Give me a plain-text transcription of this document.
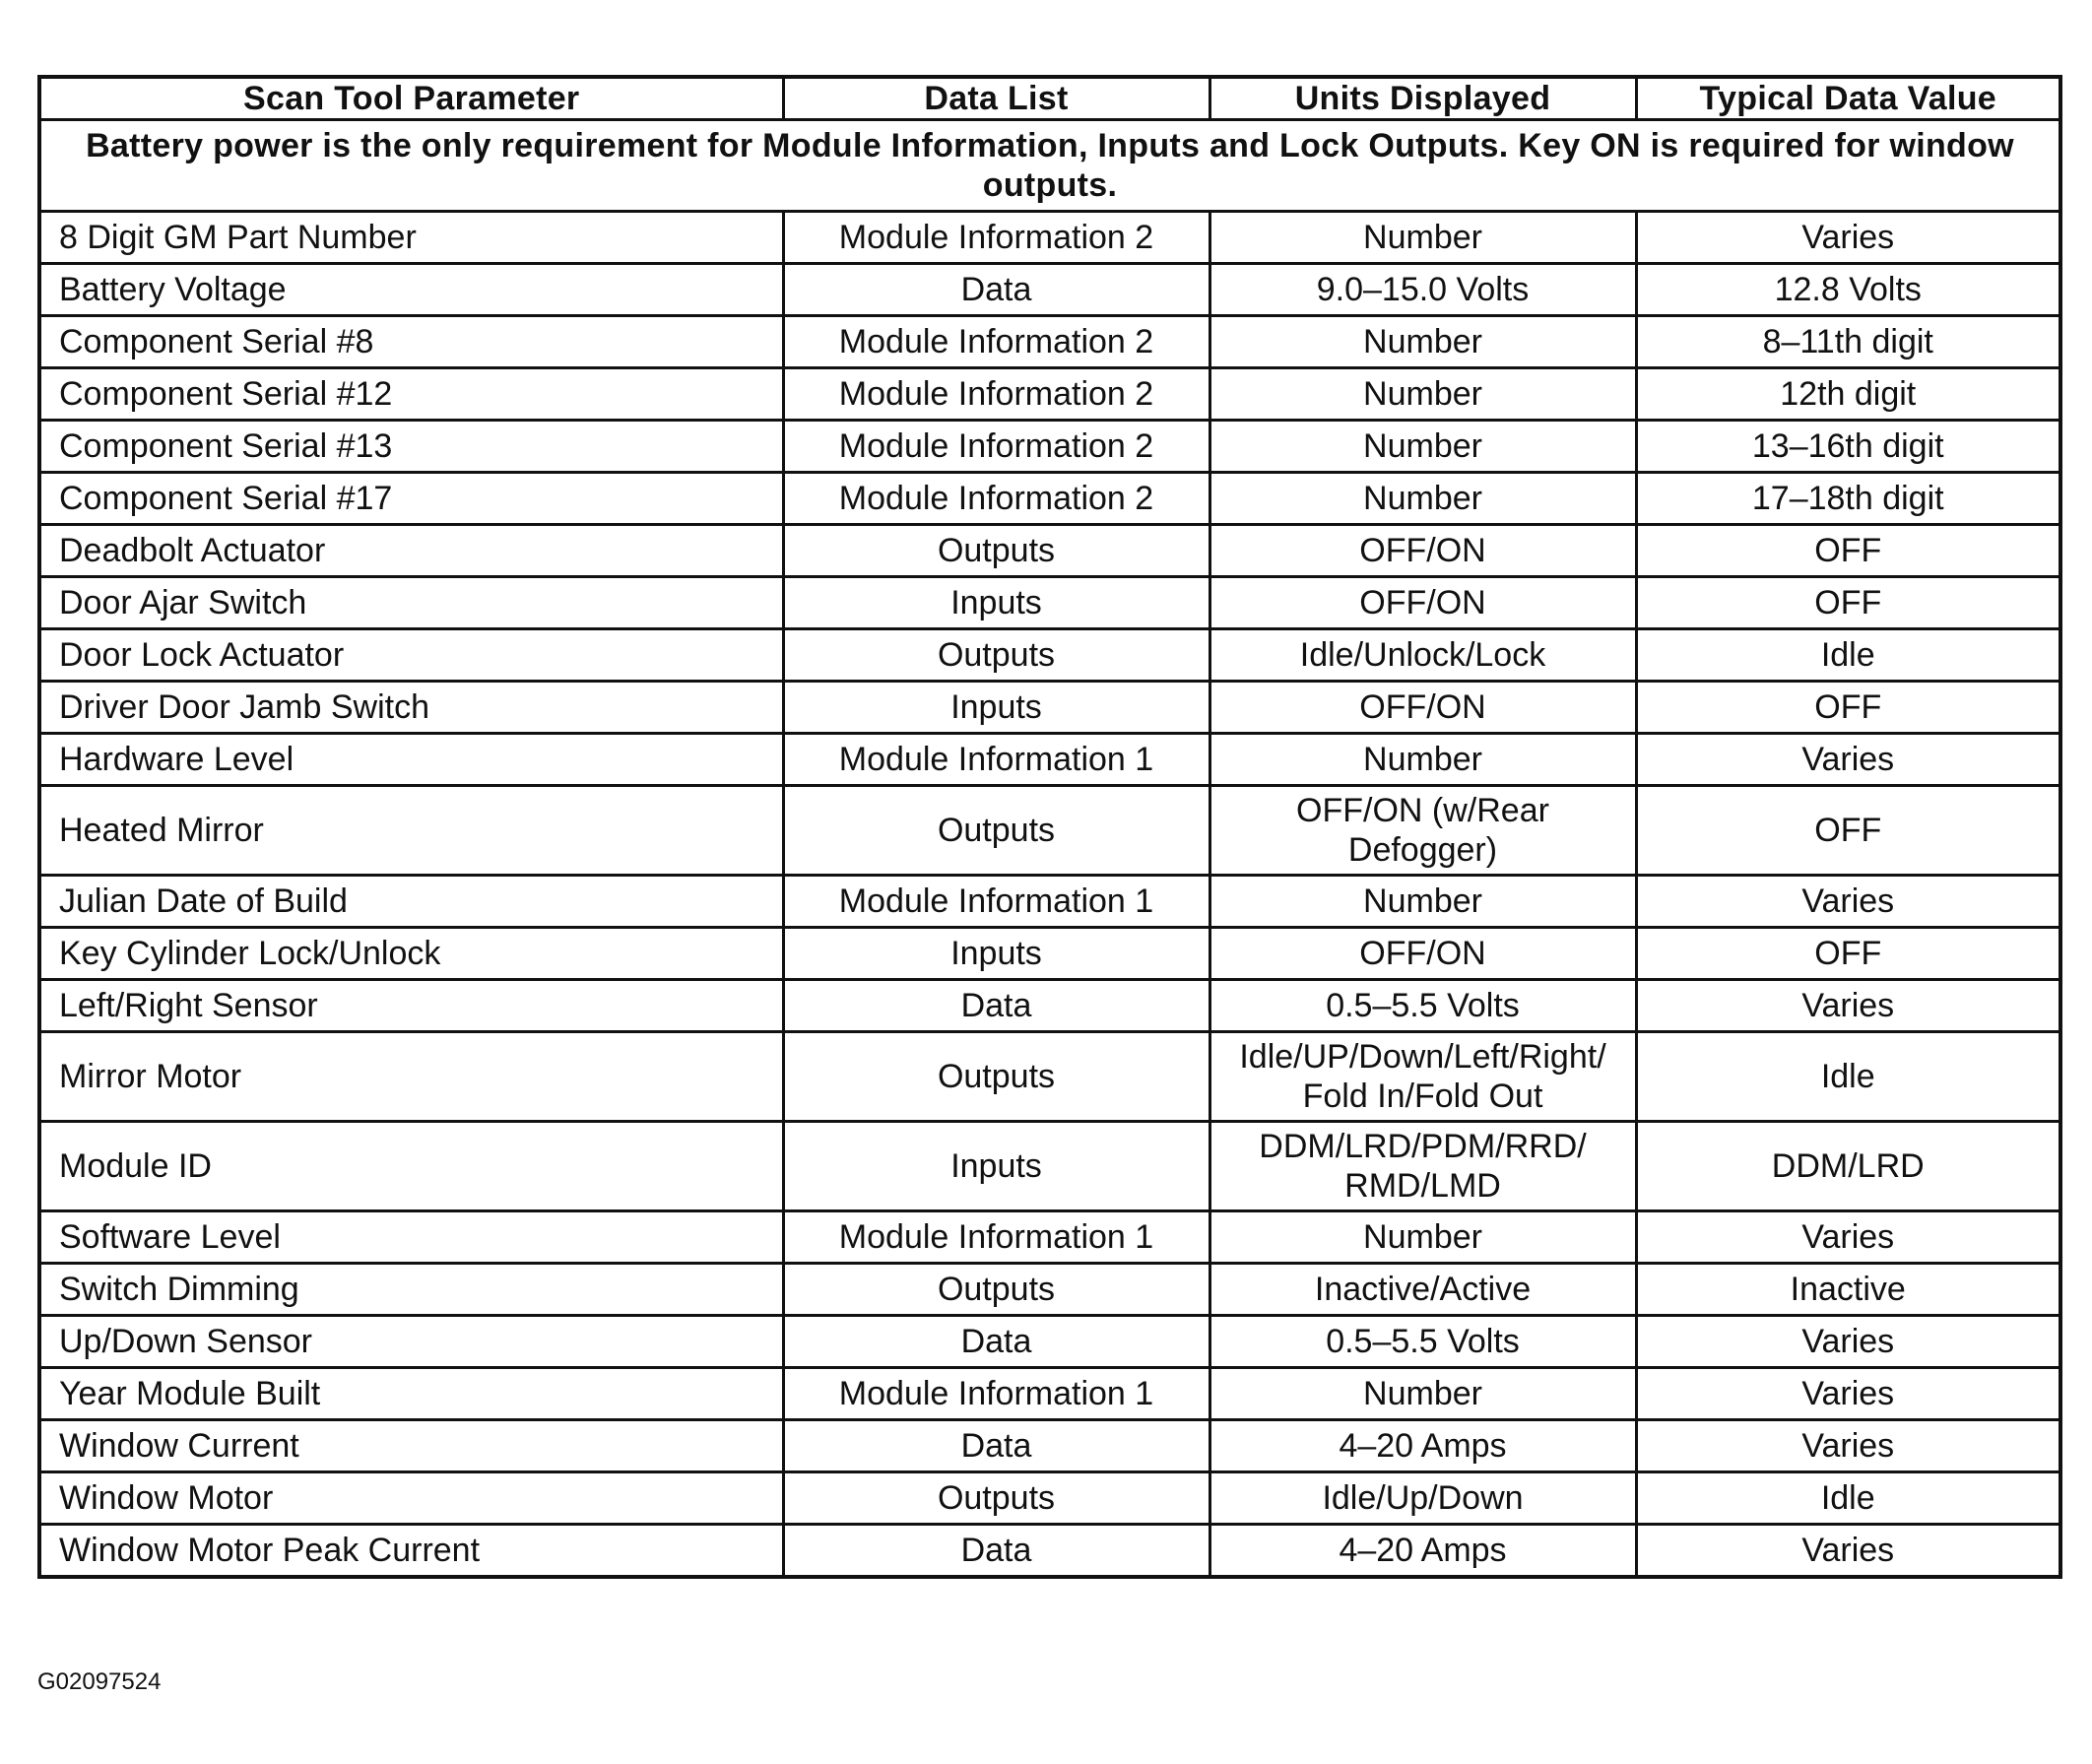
Scan Tool Parameter	Data List	Units Displayed	Typical Data Value
Battery power is the only requirement for Module Information, Inputs and Lock Outputs. Key ON is required for window outputs.			
8 Digit GM Part Number	Module Information 2	Number	Varies
Battery Voltage	Data	9.0–15.0 Volts	12.8 Volts
Component Serial #8	Module Information 2	Number	8–11th digit
Component Serial #12	Module Information 2	Number	12th digit
Component Serial #13	Module Information 2	Number	13–16th digit
Component Serial #17	Module Information 2	Number	17–18th digit
Deadbolt Actuator	Outputs	OFF/ON	OFF
Door Ajar Switch	Inputs	OFF/ON	OFF
Door Lock Actuator	Outputs	Idle/Unlock/Lock	Idle
Driver Door Jamb Switch	Inputs	OFF/ON	OFF
Hardware Level	Module Information 1	Number	Varies
Heated Mirror	Outputs	OFF/ON (w/Rear Defogger)	OFF
Julian Date of Build	Module Information 1	Number	Varies
Key Cylinder Lock/Unlock	Inputs	OFF/ON	OFF
Left/Right Sensor	Data	0.5–5.5 Volts	Varies
Mirror Motor	Outputs	Idle/UP/Down/Left/Right/ Fold In/Fold Out	Idle
Module ID	Inputs	DDM/LRD/PDM/RRD/ RMD/LMD	DDM/LRD
Software Level	Module Information 1	Number	Varies
Switch Dimming	Outputs	Inactive/Active	Inactive
Up/Down Sensor	Data	0.5–5.5 Volts	Varies
Year Module Built	Module Information 1	Number	Varies
Window Current	Data	4–20 Amps	Varies
Window Motor	Outputs	Idle/Up/Down	Idle
Window Motor Peak Current	Data	4–20 Amps	Varies
G02097524
